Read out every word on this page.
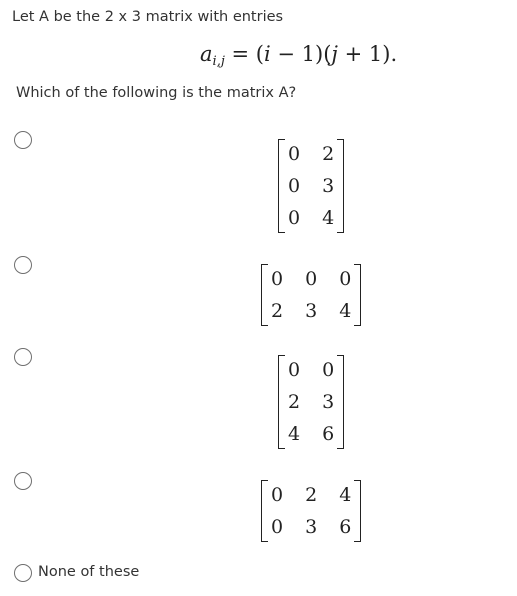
Let A be the 2 x 3 matrix with entries
$a_{i,j} = (i - 1)(j + 1)$.
Which of the following is the matrix A?
0 2
0 3
0 4
0 0 0
2 3 4
0 0
2 3
4 6
0 2 4
0 3 6
None of these
